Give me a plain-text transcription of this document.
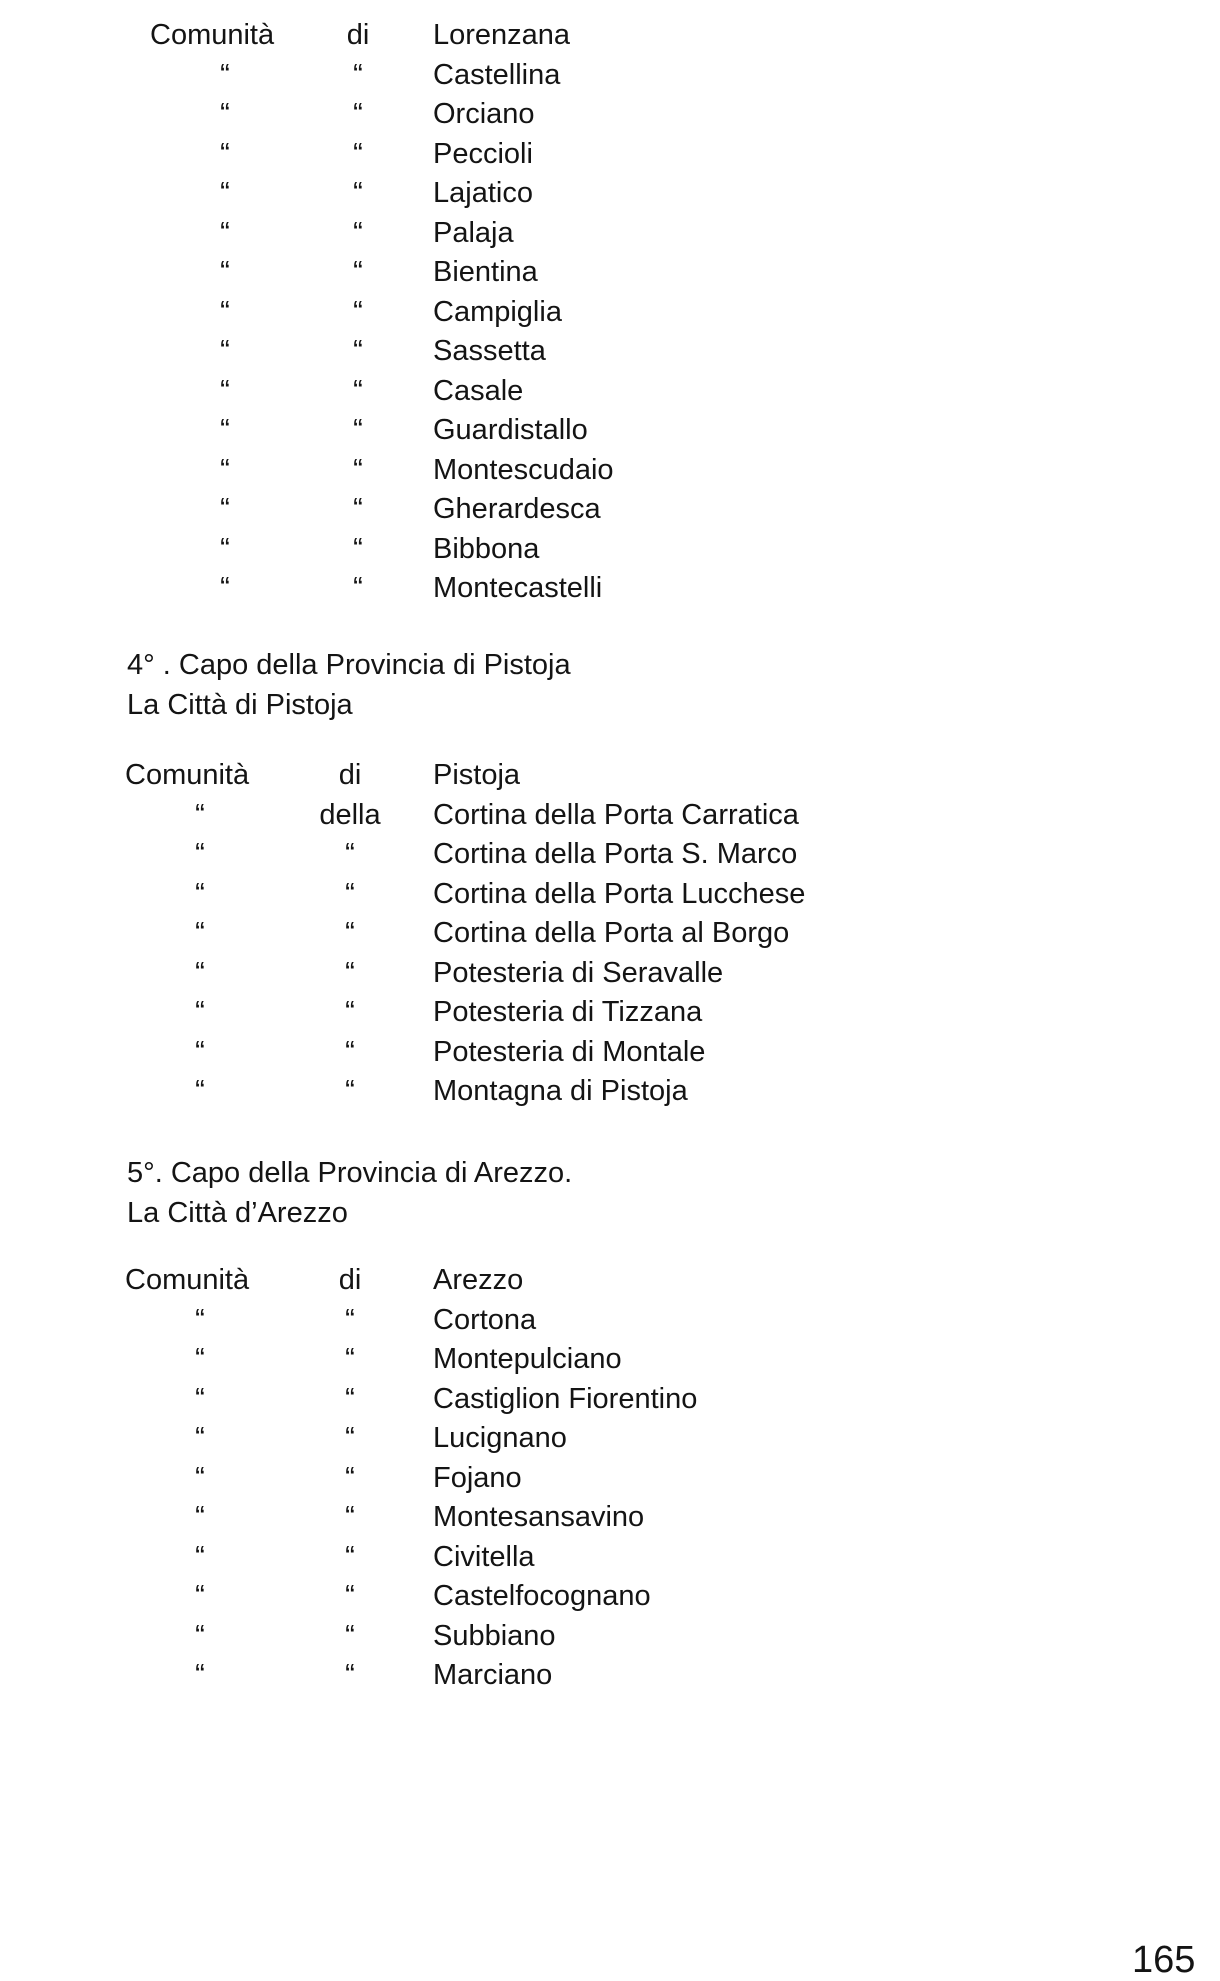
Comunità	di	Lorenzana
“	“	Castellina
“	“	Orciano
“	“	Peccioli
“	“	Lajatico
“	“	Palaja
“	“	Bientina
“	“	Campiglia
“	“	Sassetta
“	“	Casale
“	“	Guardistallo
“	“	Montescudaio
“	“	Gherardesca
“	“	Bibbona
“	“	Montecastelli
4° . Capo della Provincia di Pistoja
La Città di Pistoja
Comunità	di	Pistoja
“	della	Cortina della Porta Carratica
“	“	Cortina della Porta S. Marco
“	“	Cortina della Porta Lucchese
“	“	Cortina della Porta al Borgo
“	“	Potesteria di Seravalle
“	“	Potesteria di Tizzana
“	“	Potesteria di Montale
“	“	Montagna di Pistoja
5°. Capo della Provincia di Arezzo.
La Città d’Arezzo
Comunità	di	Arezzo
“	“	Cortona
“	“	Montepulciano
“	“	Castiglion Fiorentino
“	“	Lucignano
“	“	Fojano
“	“	Montesansavino
“	“	Civitella
“	“	Castelfocognano
“	“	Subbiano
“	“	Marciano
165
